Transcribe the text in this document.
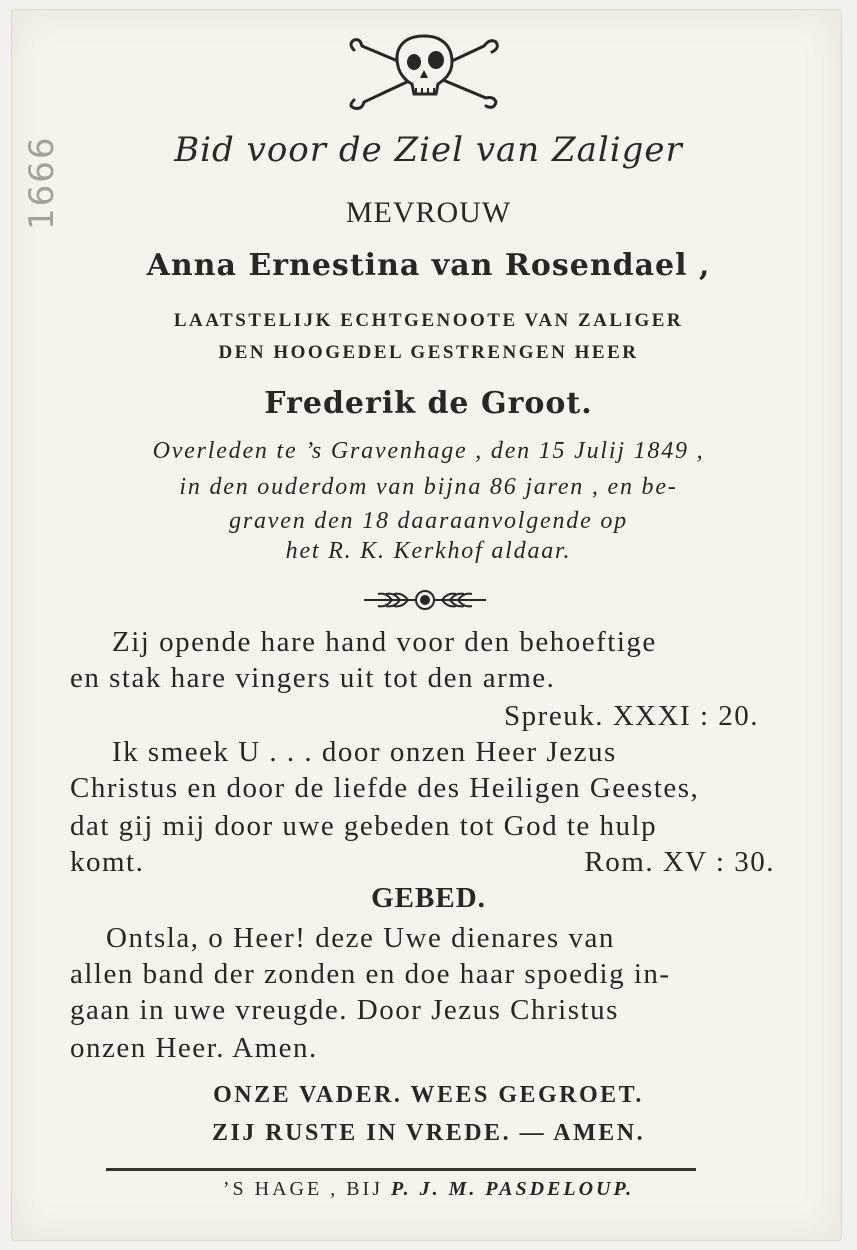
1666	Bid voor de Ziel van Zaliger
MEVROUW
Anna Ernestina van Rosendael ,
LAATSTELIJK ECHTGENOOTE VAN ZALIGER
DEN HOOGEDEL GESTRENGEN HEER
Frederik de Groot.
Overleden te ’s Gravenhage , den 15 Julij 1849 ,
in den ouderdom van bijna 86 jaren , en be-
graven den 18 daaraanvolgende op
het R. K. Kerkhof aldaar.
Zij opende hare hand voor den behoeftige
en stak hare vingers uit tot den arme.
Spreuk. XXXI : 20.
Ik smeek U . . . door onzen Heer Jezus
Christus en door de liefde des Heiligen Geestes,
dat gij mij door uwe gebeden tot God te hulp
komt.	Rom. XV : 30.
GEBED.
Ontsla, o Heer! deze Uwe dienares van
allen band der zonden en doe haar spoedig in-
gaan in uwe vreugde. Door Jezus Christus
onzen Heer. Amen.
ONZE VADER. WEES GEGROET.
ZIJ RUSTE IN VREDE. — AMEN.
’S HAGE , BIJ P. J. M. PASDELOUP.
